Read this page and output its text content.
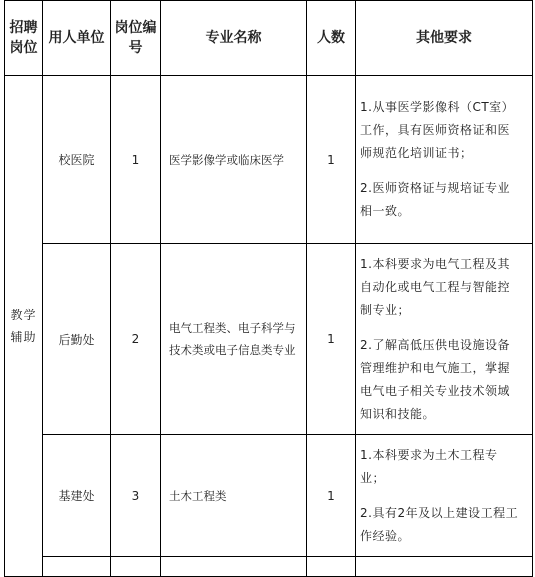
招聘岗位	用人单位	岗位编号	专业名称	人数	其他要求
教学辅助	校医院	1	医学影像学或临床医学	1	1.从事医学影像科（CT室）工作，具有医师资格证和医师规范化培训证书；

2.医师资格证与规培证专业相一致。

	后勤处	2	电气工程类、电子科学与技术类或电子信息类专业	1	1.本科要求为电气工程及其自动化或电气工程与智能控制专业；

2.了解高低压供电设施设备管理维护和电气施工，掌握电气电子相关专业技术领域知识和技能。

	基建处	3	土木工程类	1	1.本科要求为土木工程专业；

2.具有2年及以上建设工程工作经验。
